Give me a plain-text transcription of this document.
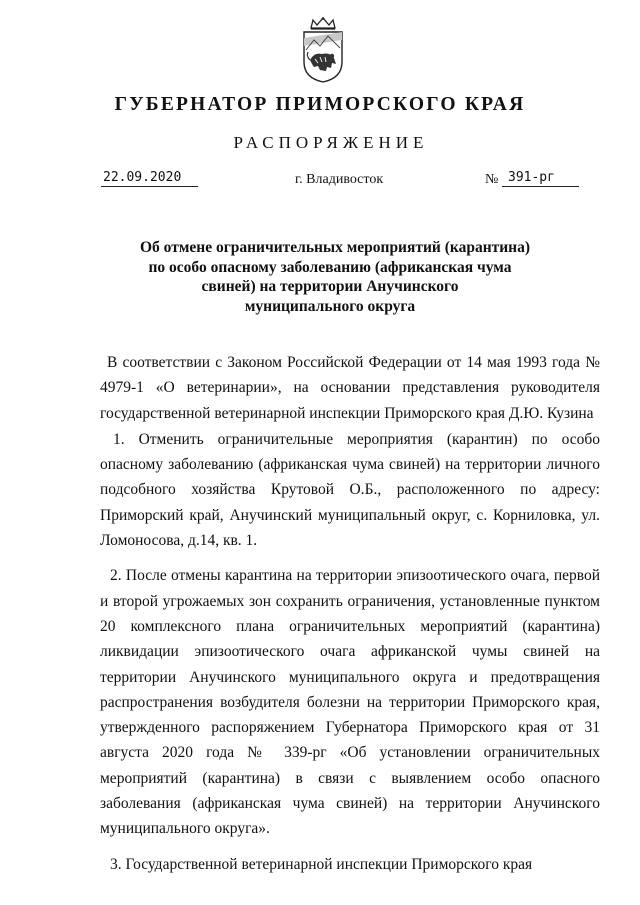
ГУБЕРНАТОР ПРИМОРСКОГО КРАЯ
РАСПОРЯЖЕНИЕ
22.09.2020	г. Владивосток	№ 391-рг
Об отмене ограничительных мероприятий (карантина)
по особо опасному заболеванию (африканская чума
свиней) на территории Анучинского
муниципального округа

В соответствии с Законом Российской Федерации от 14 мая 1993 года № 4979-1 «О ветеринарии», на основании представления руководителя государственной ветеринарной инспекции Приморского края Д.Ю. Кузина

1. Отменить ограничительные мероприятия (карантин) по особо опасному заболеванию (африканская чума свиней) на территории личного подсобного хозяйства Крутовой О.Б., расположенного по адресу: Приморский край, Анучинский муниципальный округ, с. Корниловка, ул. Ломоносова, д.14, кв. 1.

2. После отмены карантина на территории эпизоотического очага, первой и второй угрожаемых зон сохранить ограничения, установленные пунктом 20 комплексного плана ограничительных мероприятий (карантина) ликвидации эпизоотического очага африканской чумы свиней на территории Анучинского муниципального округа и предотвращения распространения возбудителя болезни на территории Приморского края, утвержденного распоряжением Губернатора Приморского края от 31 августа 2020 года № 339-рг «Об установлении ограничительных мероприятий (карантина) в связи с выявлением особо опасного заболевания (африканская чума свиней) на территории Анучинского муниципального округа».

3. Государственной ветеринарной инспекции Приморского края
